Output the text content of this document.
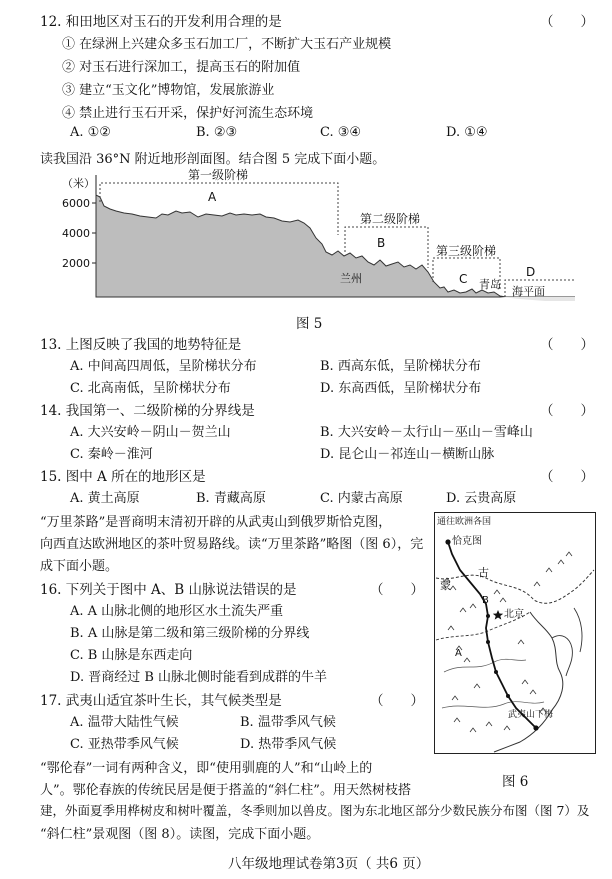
12. 和田地区对玉石的开发利用合理的是	（　　）
① 在绿洲上兴建众多玉石加工厂，不断扩大玉石产业规模
② 对玉石进行深加工，提高玉石的附加值
③ 建立“玉文化”博物馆，发展旅游业
④ 禁止进行玉石开采，保护好河流生态环境
A. ①②	B. ②③	C. ③④	D. ①④
读我国沿 36°N 附近地形剖面图。结合图 5 完成下面小题。
（米）
6000
4000
2000
第一级阶梯
第二级阶梯
第三级阶梯
A
B
C	D
兰州	青岛
海平面
图 5
13. 上图反映了我国的地势特征是	（　　）
A. 中间高四周低，呈阶梯状分布	B. 西高东低，呈阶梯状分布
C. 北高南低，呈阶梯状分布	D. 东高西低，呈阶梯状分布
14. 我国第一、二级阶梯的分界线是	（　　）
A. 大兴安岭－阴山－贺兰山	B. 大兴安岭－太行山－巫山－雪峰山
C. 秦岭－淮河	D. 昆仑山－祁连山－横断山脉
15. 图中 A 所在的地形区是	（　　）
A. 黄土高原	B. 青藏高原	C. 内蒙古高原	D. 云贵高原
“万里茶路”是晋商明末清初开辟的从武夷山到俄罗斯恰克图，
向西直达欧洲地区的茶叶贸易路线。读“万里茶路”略图（图 6），完
成下面小题。
16. 下列关于图中 A、B 山脉说法错误的是	（　　）
A. A 山脉北侧的地形区水土流失严重
B. A 山脉是第二级和第三级阶梯的分界线
C. B 山脉是东西走向
D. 晋商经过 B 山脉北侧时能看到成群的牛羊
17. 武夷山适宜茶叶生长，其气候类型是	（　　）
A. 温带大陆性气候	B. 温带季风气候
C. 亚热带季风气候	D. 热带季风气候
通往欧洲各国
恰克图
古
蒙
B
北京
A
武夷山下梅
图 6
“鄂伦春”一词有两种含义，即“使用驯鹿的人”和“山岭上的
人”。鄂伦春族的传统民居是便于搭盖的“斜仁柱”。用天然树枝搭
建，外面夏季用桦树皮和树叶覆盖，冬季则加以兽皮。图为东北地区部分少数民族分布图（图 7）及
“斜仁柱”景观图（图 8）。读图，完成下面小题。
八年级地理试卷第3页（ 共6 页）
